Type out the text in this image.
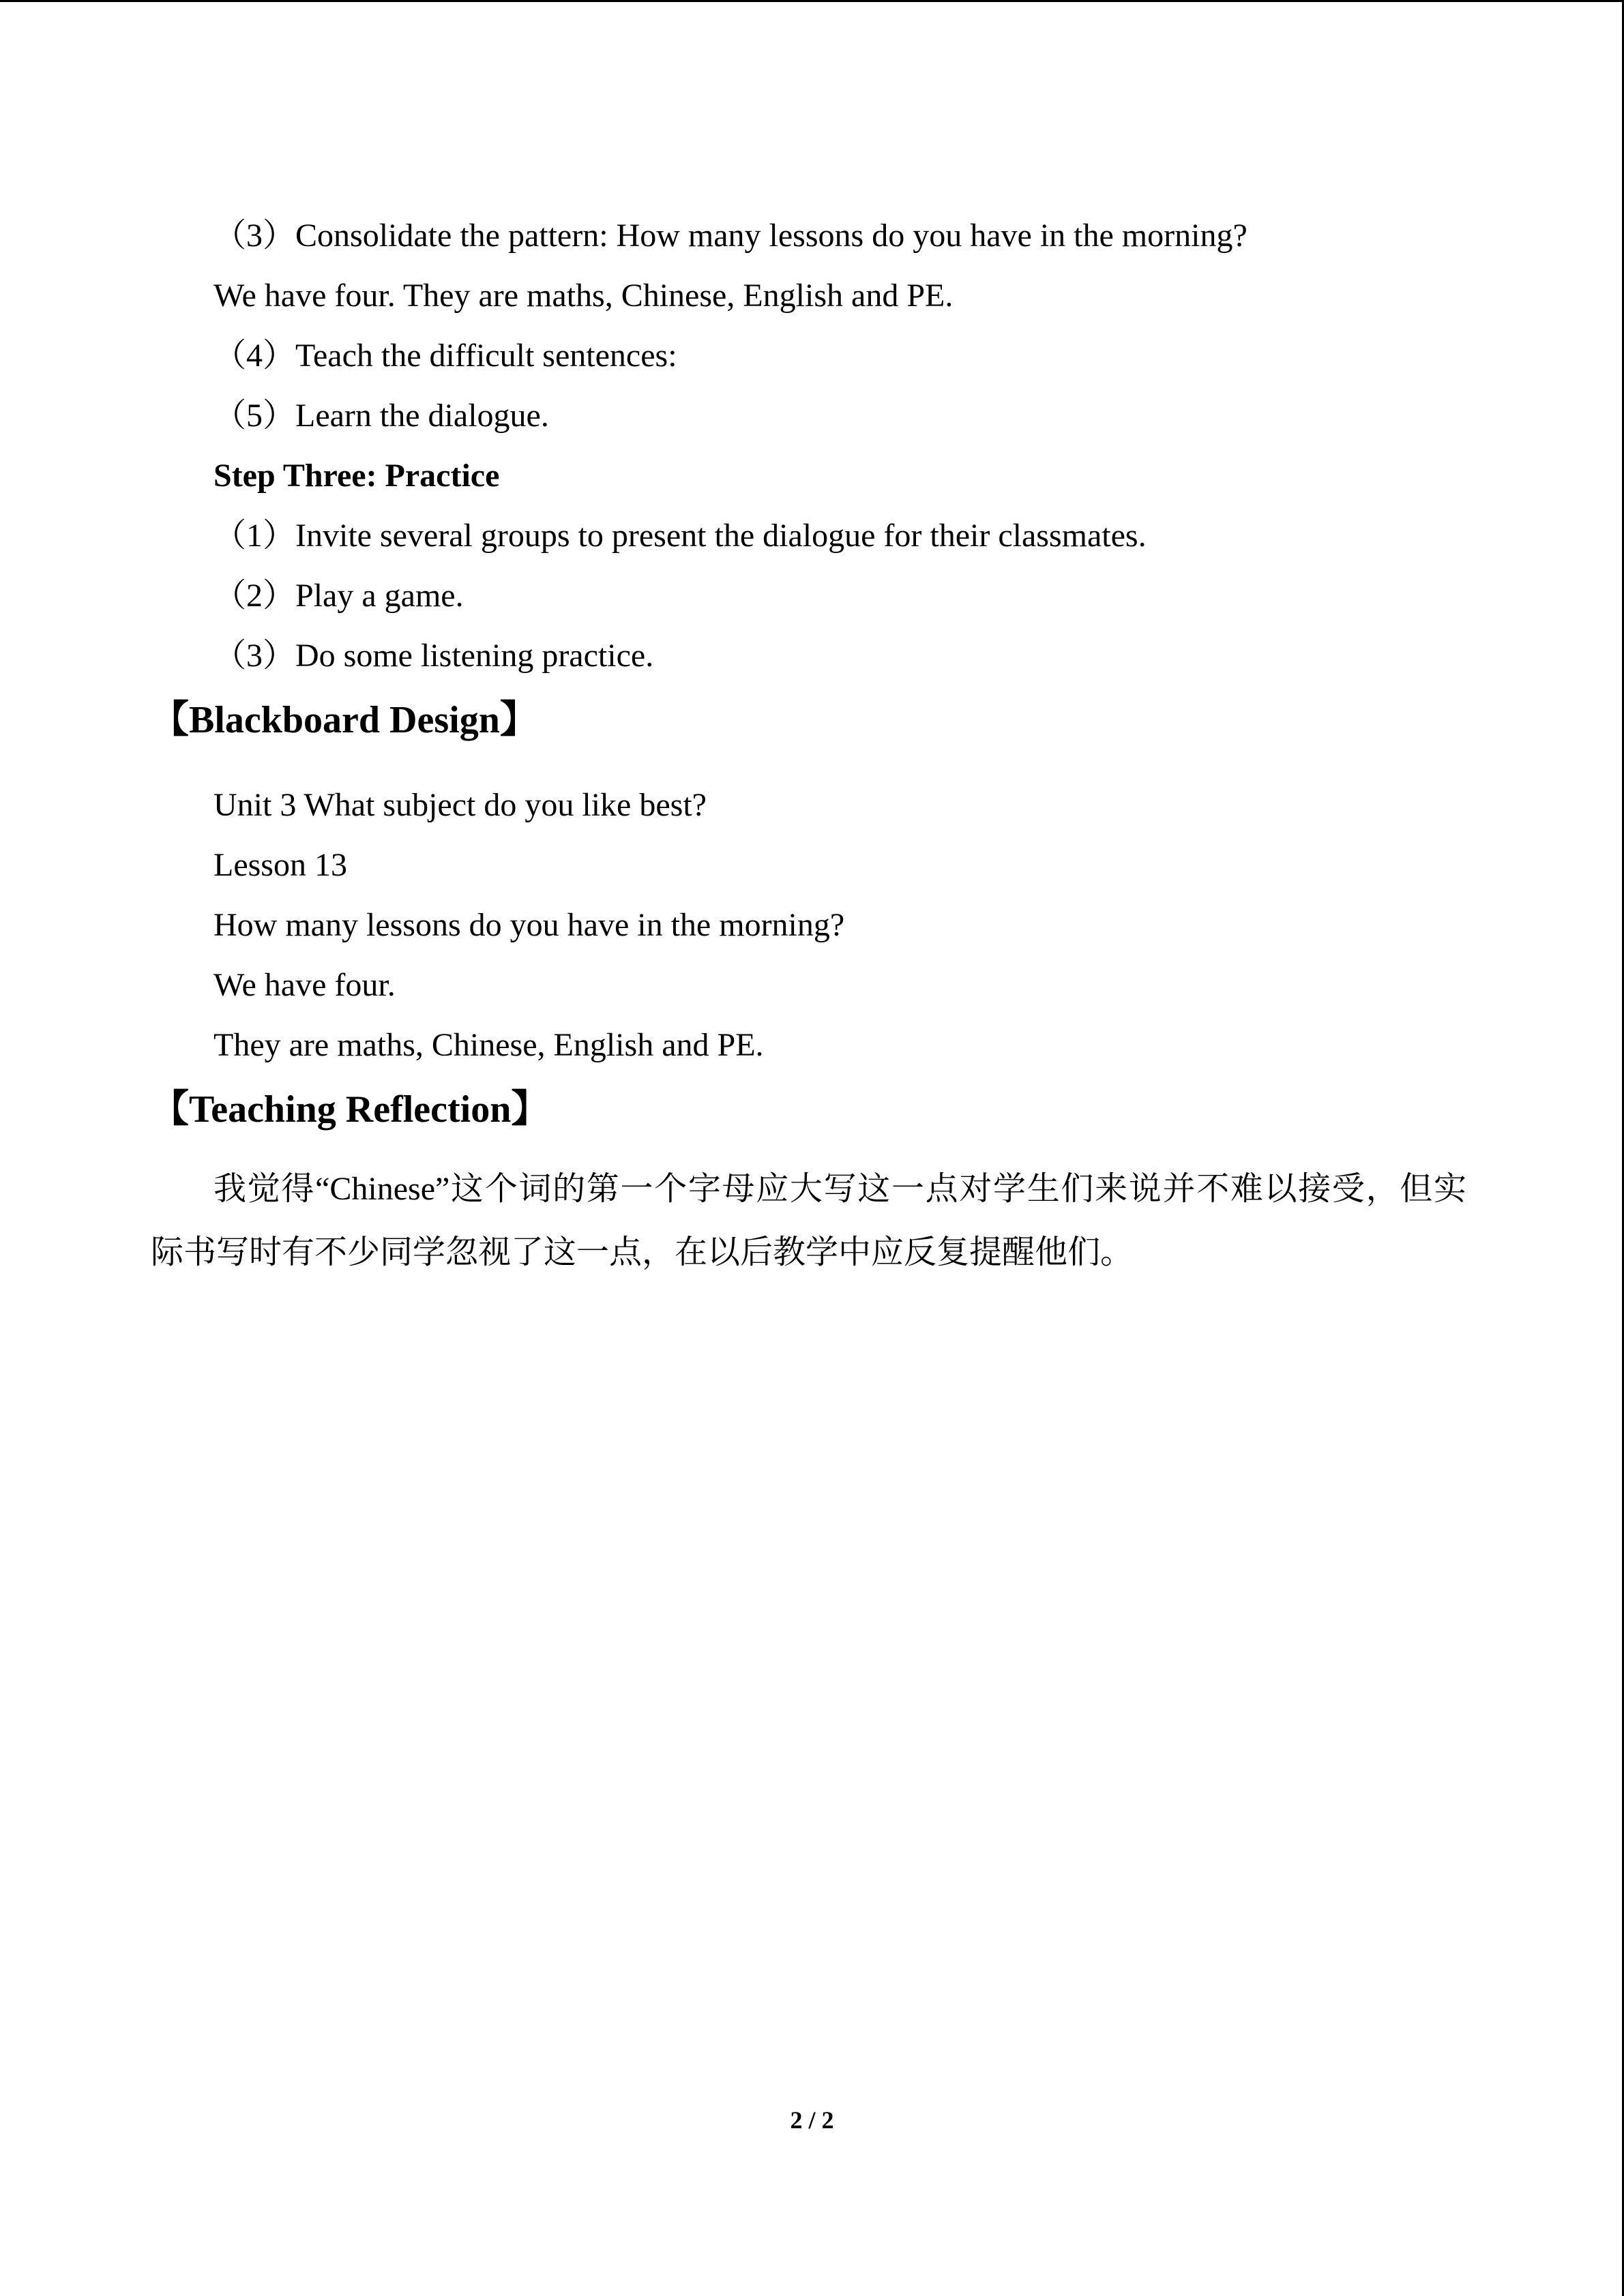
（3）Consolidate the pattern: How many lessons do you have in the morning?
We have four. They are maths, Chinese, English and PE.
（4）Teach the difficult sentences:
（5）Learn the dialogue.
Step Three: Practice
（1）Invite several groups to present the dialogue for their classmates.
（2）Play a game.
（3）Do some listening practice.
【Blackboard Design】
Unit 3 What subject do you like best?
Lesson 13
How many lessons do you have in the morning?
We have four.
They are maths, Chinese, English and PE.
【Teaching Reflection】
我觉得“Chinese”这个词的第一个字母应大写这一点对学生们来说并不难以接受，但实
际书写时有不少同学忽视了这一点，在以后教学中应反复提醒他们。
2 / 2
